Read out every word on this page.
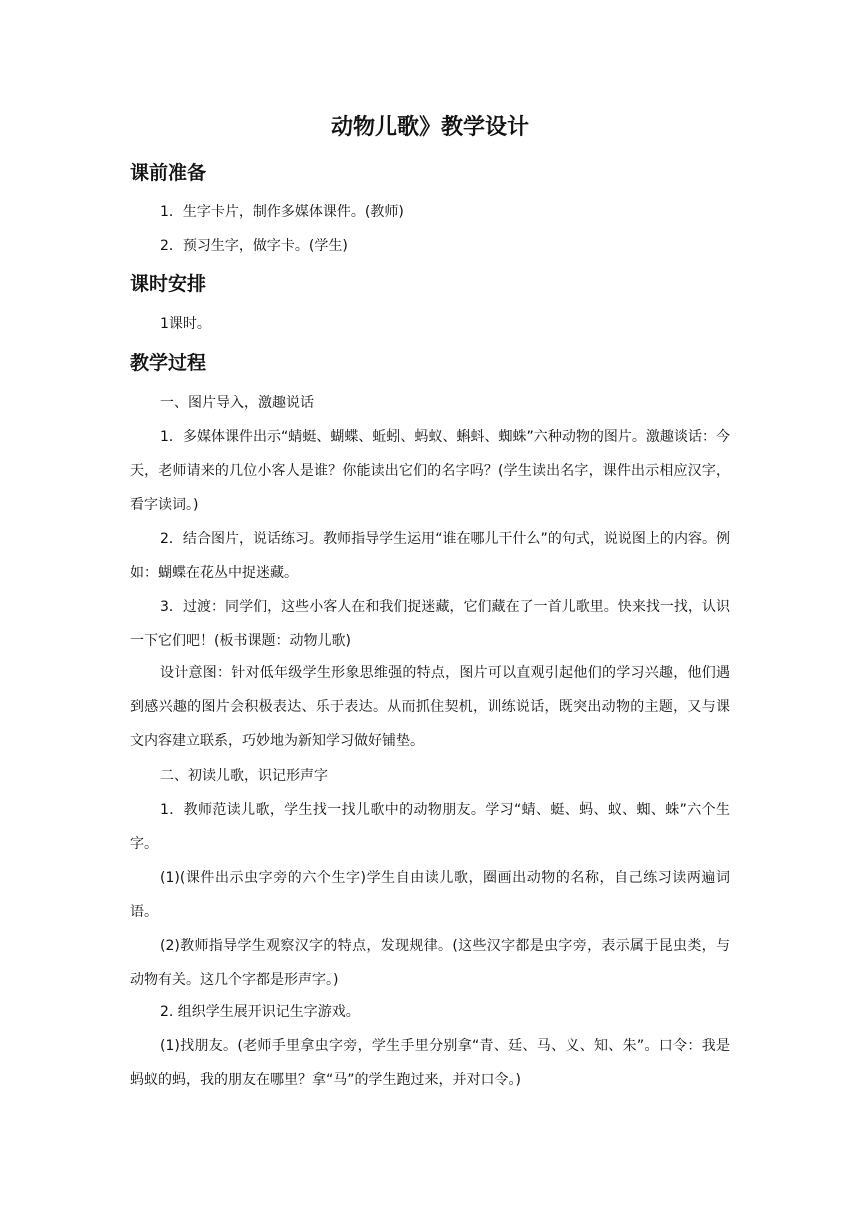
动物儿歌》教学设计
课前准备
1．生字卡片，制作多媒体课件。(教师)
2．预习生字，做字卡。(学生)
课时安排
1课时。
教学过程
一、图片导入，激趣说话
1．多媒体课件出示“蜻蜓、蝴蝶、蚯蚓、蚂蚁、蝌蚪、蜘蛛”六种动物的图片。激趣谈话：今天，老师请来的几位小客人是谁？你能读出它们的名字吗？(学生读出名字，课件出示相应汉字，看字读词。)
2．结合图片，说话练习。教师指导学生运用“谁在哪儿干什么”的句式，说说图上的内容。例如：蝴蝶在花丛中捉迷藏。
3．过渡：同学们，这些小客人在和我们捉迷藏，它们藏在了一首儿歌里。快来找一找，认识一下它们吧！(板书课题：动物儿歌)
设计意图：针对低年级学生形象思维强的特点，图片可以直观引起他们的学习兴趣，他们遇到感兴趣的图片会积极表达、乐于表达。从而抓住契机，训练说话，既突出动物的主题，又与课文内容建立联系，巧妙地为新知学习做好铺垫。
二、初读儿歌，识记形声字
1．教师范读儿歌，学生找一找儿歌中的动物朋友。学习“蜻、蜓、蚂、蚁、蜘、蛛”六个生字。
(1)(课件出示虫字旁的六个生字)学生自由读儿歌，圈画出动物的名称，自己练习读两遍词语。
(2)教师指导学生观察汉字的特点，发现规律。(这些汉字都是虫字旁，表示属于昆虫类，与动物有关。这几个字都是形声字。)
2. 组织学生展开识记生字游戏。
(1)找朋友。(老师手里拿虫字旁，学生手里分别拿“青、廷、马、义、知、朱”。口令：我是蚂蚁的蚂，我的朋友在哪里？拿“马”的学生跑过来，并对口令。)
